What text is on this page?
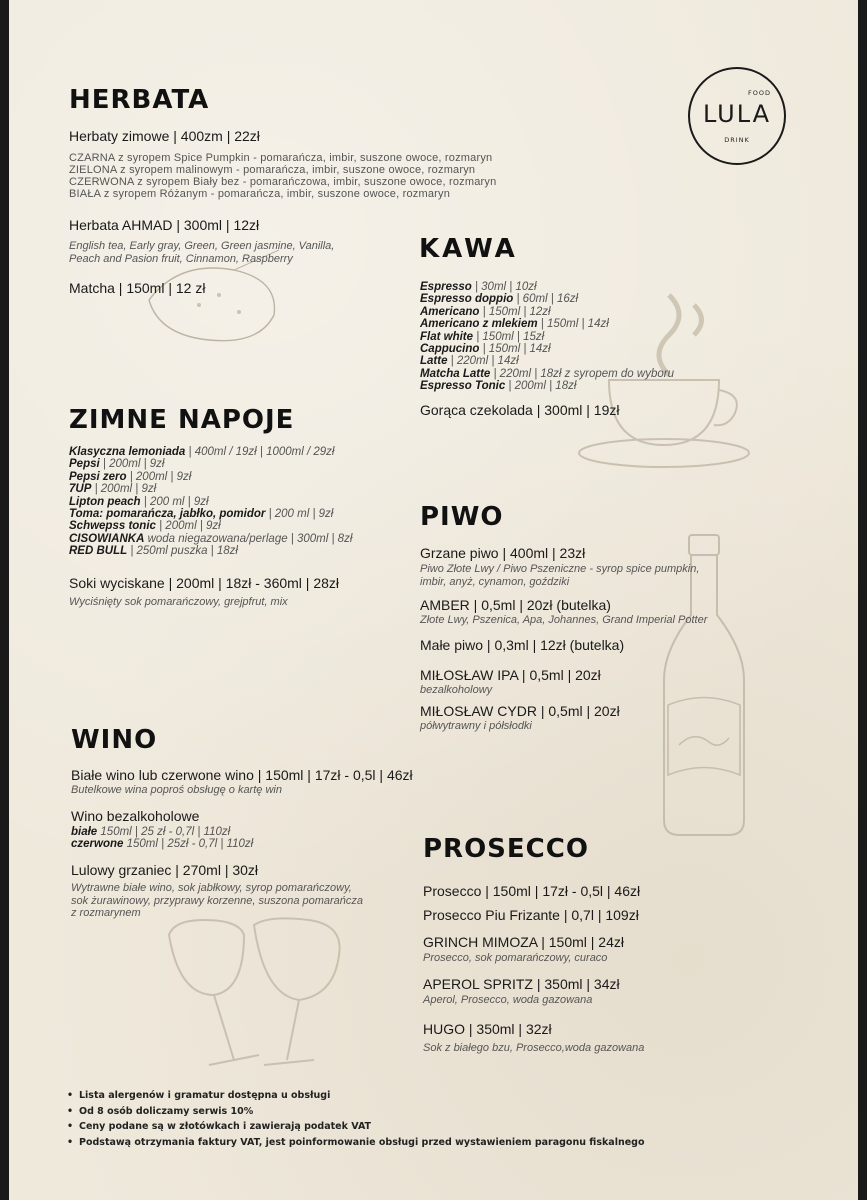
FOOD
LULA
DRINK
HERBATA

Herbaty zimowe | 400zm | 22zł

CZARNA z syropem Spice Pumpkin - pomarańcza, imbir, suszone owoce, rozmaryn

ZIELONA z syropem malinowym - pomarańcza, imbir, suszone owoce, rozmaryn

CZERWONA z syropem Biały bez - pomarańczowa, imbir, suszone owoce, rozmaryn

BIAŁA z syropem Różanym - pomarańcza, imbir, suszone owoce, rozmaryn

Herbata AHMAD | 300ml | 12zł

English tea, Early gray, Green, Green jasmine, Vanilla,

Peach and Pasion fruit, Cinnamon, Raspberry

Matcha | 150ml | 12 zł

KAWA

Espresso | 30ml | 10zł

Espresso doppio | 60ml | 16zł

Americano | 150ml | 12zł

Americano z mlekiem | 150ml | 14zł

Flat white | 150ml | 15zł

Cappucino | 150ml | 14zł

Latte | 220ml | 14zł

Matcha Latte | 220ml | 18zł z syropem do wyboru

Espresso Tonic | 200ml | 18zł

Gorąca czekolada | 300ml | 19zł

ZIMNE NAPOJE

Klasyczna lemoniada | 400ml / 19zł | 1000ml / 29zł

Pepsi | 200ml | 9zł

Pepsi zero | 200ml | 9zł

7UP | 200ml | 9zł

Lipton peach | 200 ml | 9zł

Toma: pomarańcza, jabłko, pomidor | 200 ml | 9zł

Schwepss tonic | 200ml | 9zł

CISOWIANKA woda niegazowana/perlage | 300ml | 8zł

RED BULL | 250ml puszka | 18zł

Soki wyciskane | 200ml | 18zł - 360ml | 28zł

Wyciśnięty sok pomarańczowy, grejpfrut, mix

PIWO

Grzane piwo | 400ml | 23zł

Piwo Złote Lwy / Piwo Pszeniczne - syrop spice pumpkin,

imbir, anyż, cynamon, goździki

AMBER | 0,5ml | 20zł (butelka)

Złote Lwy, Pszenica, Apa, Johannes, Grand Imperial Potter

Małe piwo | 0,3ml | 12zł (butelka)

MIŁOSŁAW IPA | 0,5ml | 20zł

bezalkoholowy

MIŁOSŁAW CYDR | 0,5ml | 20zł

półwytrawny i półsłodki

WINO

Białe wino lub czerwone wino | 150ml | 17zł - 0,5l | 46zł

Butelkowe wina poproś obsługę o kartę win

Wino bezalkoholowe

białe 150ml | 25 zł - 0,7l | 110zł

czerwone 150ml | 25zł - 0,7l | 110zł

Lulowy grzaniec | 270ml | 30zł

Wytrawne białe wino, sok jabłkowy, syrop pomarańczowy,

sok żurawinowy, przyprawy korzenne, suszona pomarańcza

z rozmarynem

PROSECCO

Prosecco | 150ml | 17zł - 0,5l | 46zł

Prosecco Piu Frizante | 0,7l | 109zł

GRINCH MIMOZA | 150ml | 24zł

Prosecco, sok pomarańczowy, curaco

APEROL SPRITZ | 350ml | 34zł

Aperol, Prosecco, woda gazowana

HUGO | 350ml | 32zł

Sok z białego bzu, Prosecco,woda gazowana

• Lista alergenów i gramatur dostępna u obsługi
• Od 8 osób doliczamy serwis 10%
• Ceny podane są w złotówkach i zawierają podatek VAT
• Podstawą otrzymania faktury VAT, jest poinformowanie obsługi przed wystawieniem paragonu fiskalnego
